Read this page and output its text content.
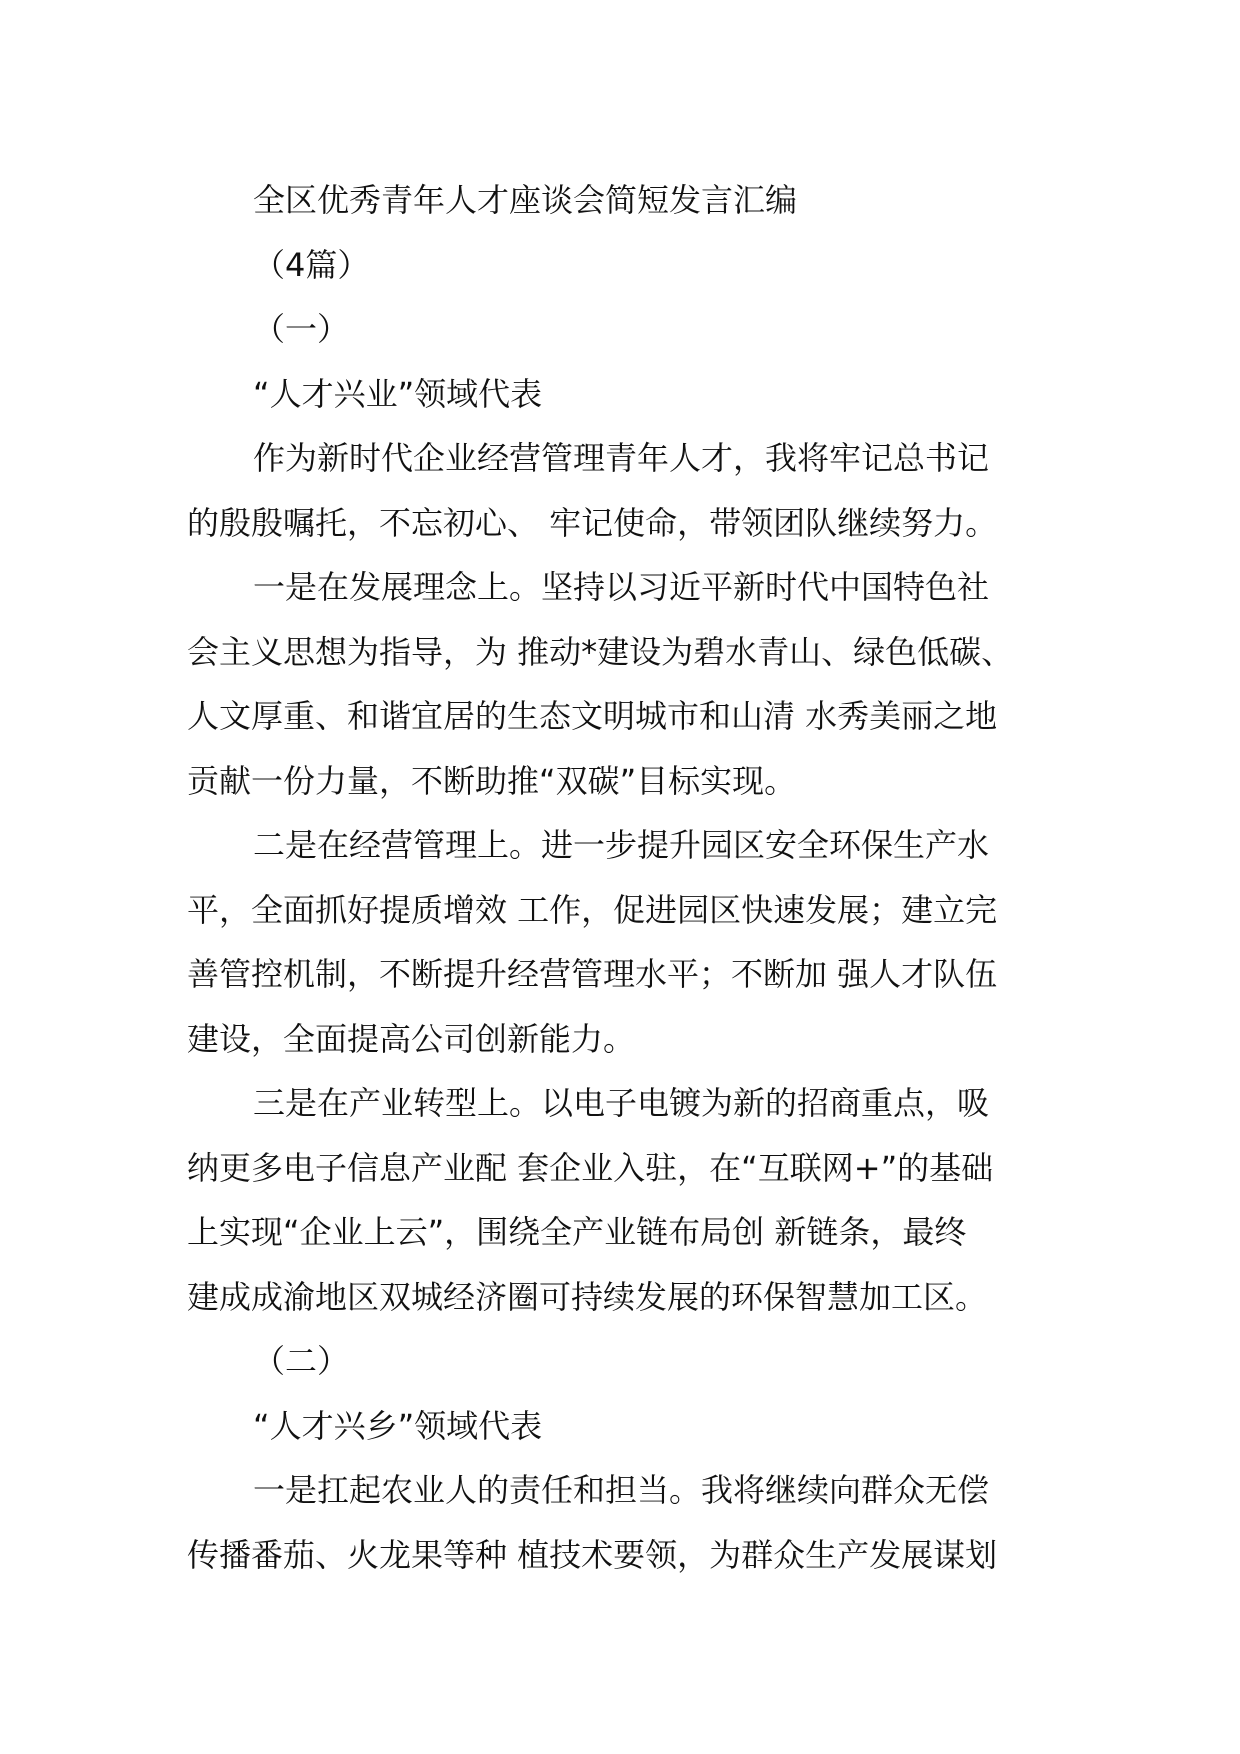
全区优秀青年人才座谈会简短发言汇编
（4篇）
（一）
“人才兴业”领域代表
作为新时代企业经营管理青年人才，我将牢记总书记
的殷殷嘱托，不忘初心、 牢记使命，带领团队继续努力。
一是在发展理念上。坚持以习近平新时代中国特色社
会主义思想为指导，为 推动*建设为碧水青山、绿色低碳、
人文厚重、和谐宜居的生态文明城市和山清 水秀美丽之地
贡献一份力量，不断助推“双碳”目标实现。
二是在经营管理上。进一步提升园区安全环保生产水
平，全面抓好提质增效 工作，促进园区快速发展；建立完
善管控机制，不断提升经营管理水平；不断加 强人才队伍
建设，全面提高公司创新能力。
三是在产业转型上。以电子电镀为新的招商重点，吸
纳更多电子信息产业配 套企业入驻，在“互联网+”的基础
上实现“企业上云”，围绕全产业链布局创 新链条，最终
建成成渝地区双城经济圈可持续发展的环保智慧加工区。
（二）
“人才兴乡”领域代表
一是扛起农业人的责任和担当。我将继续向群众无偿
传播番茄、火龙果等种 植技术要领，为群众生产发展谋划
